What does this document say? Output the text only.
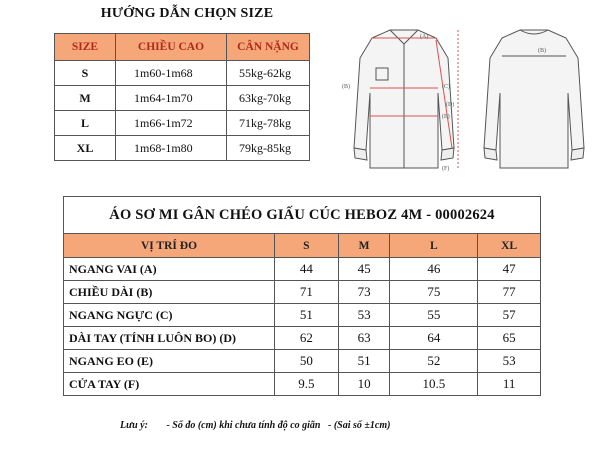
HƯỚNG DẪN CHỌN SIZE
SIZE	CHIỀU CAO	CÂN NẶNG
S	1m60-1m68	55kg-62kg
M	1m64-1m70	63kg-70kg
L	1m66-1m72	71kg-78kg
XL	1m68-1m80	79kg-85kg
(A)
(B)	(C)
(D)
(E)
(F)
(B)
ÁO SƠ MI GÂN CHÉO GIẤU CÚC HEBOZ 4M - 00002624				
VỊ TRÍ ĐO	S	M	L	XL
NGANG VAI (A)	44	45	46	47
CHIỀU DÀI (B)	71	73	75	77
NGANG NGỰC (C)	51	53	55	57
DÀI TAY (TÍNH LUÔN BO) (D)	62	63	64	65
NGANG EO (E)	50	51	52	53
CỬA TAY (F)	9.5	10	10.5	11
Lưu ý: - Số đo (cm) khi chưa tính độ co giãn - (Sai số ±1cm)
